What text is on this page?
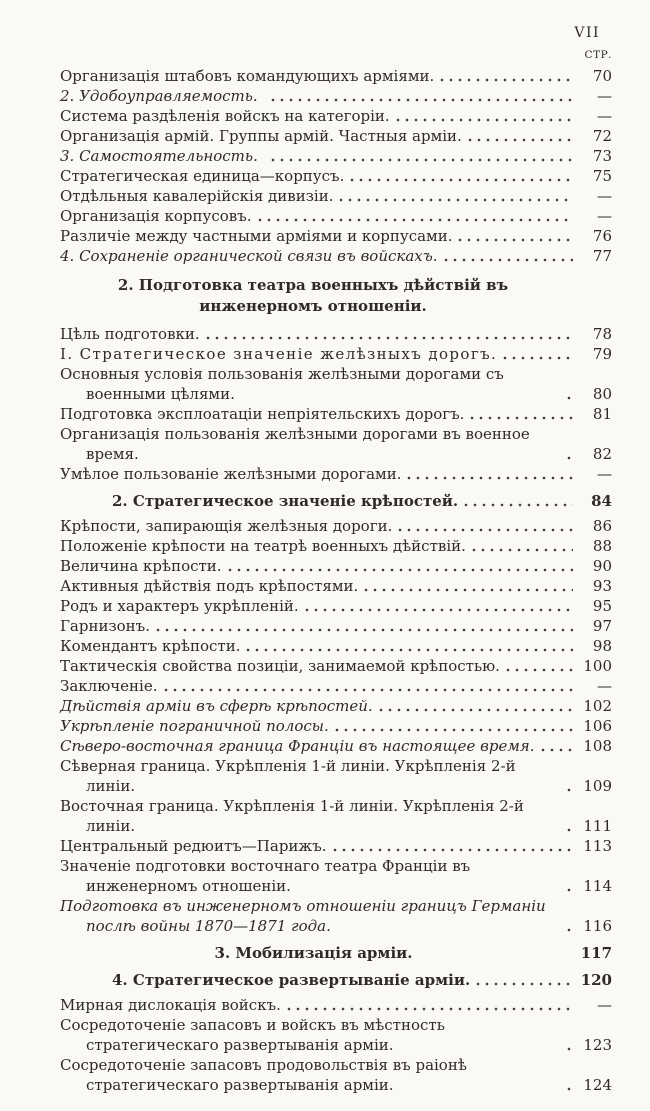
VII
СТР.
Организація штабовъ командующихъ арміями.	70
2. Удобоуправляемость.	—
Система раздѣленія войскъ на категоріи.	—
Организація армій. Группы армій. Частныя арміи.	72
3. Самостоятельность.	73
Стратегическая единица—корпусъ.	75
Отдѣльныя кавалерійскія дивизіи.	—
Организація корпусовъ.	—
Различіе между частными арміями и корпусами.	76
4. Сохраненіе органической связи въ войскахъ.	77
2. Подготовка театра военныхъ дѣйствій въ инженерномъ отношеніи.
Цѣль подготовки.	78
I. Стратегическое значеніе желѣзныхъ дорогъ.	79
Основныя условія пользованія желѣзными дорогами съ военными цѣлями.	80
Подготовка эксплоатаціи непріятельскихъ дорогъ.	81
Организація пользованія желѣзными дорогами въ военное время.	82
Умѣлое пользованіе желѣзными дорогами.	—
2. Стратегическое значеніе крѣпостей.	84
Крѣпости, запирающія желѣзныя дороги.	86
Положеніе крѣпости на театрѣ военныхъ дѣйствій.	88
Величина крѣпости.	90
Активныя дѣйствія подъ крѣпостями.	93
Родъ и характеръ укрѣпленій.	95
Гарнизонъ.	97
Комендантъ крѣпости.	98
Тактическія свойства позиціи, занимаемой крѣпостью.	100
Заключеніе.	—
Дѣйствія арміи въ сферѣ крѣпостей.	102
Укрѣпленіе пограничной полосы.	106
Сѣверо-восточная граница Франціи въ настоящее время.	108
Сѣверная граница. Укрѣпленія 1-й линіи. Укрѣпленія 2-й линіи.	109
Восточная граница. Укрѣпленія 1-й линіи. Укрѣпленія 2-й линіи.	111
Центральный редюитъ—Парижъ.	113
Значеніе подготовки восточнаго театра Франціи въ инженерномъ отношеніи.	114
Подготовка въ инженерномъ отношеніи границъ Германіи послѣ войны 1870—1871 года.	116
3. Мобилизація арміи.	117
4. Стратегическое развертываніе арміи.	120
Мирная дислокація войскъ.	—
Сосредоточеніе запасовъ и войскъ въ мѣстность стратегическаго развертыванія арміи.	123
Сосредоточеніе запасовъ продовольствія въ раіонѣ стратегическаго развертыванія арміи.	124
